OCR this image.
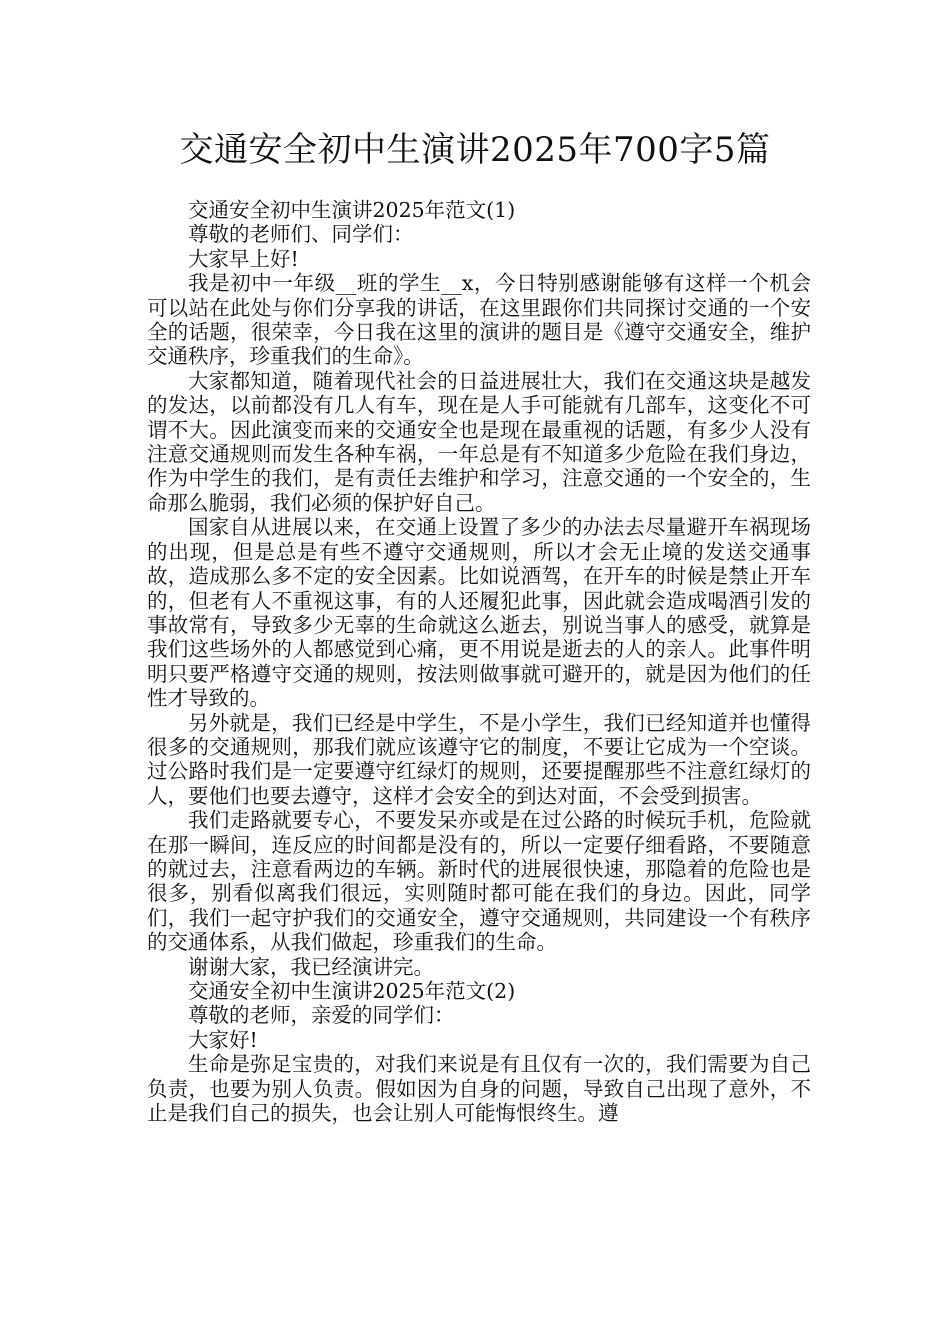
交通安全初中生演讲2025年700字5篇

交通安全初中生演讲2025年范文(1)

尊敬的老师们、同学们：

大家早上好!

我是初中一年级__班的学生__x，今日特别感谢能够有这样一个机会可以站在此处与你们分享我的讲话，在这里跟你们共同探讨交通的一个安全的话题，很荣幸，今日我在这里的演讲的题目是《遵守交通安全，维护交通秩序，珍重我们的生命》。

大家都知道，随着现代社会的日益进展壮大，我们在交通这块是越发的发达，以前都没有几人有车，现在是人手可能就有几部车，这变化不可谓不大。因此演变而来的交通安全也是现在最重视的话题，有多少人没有注意交通规则而发生各种车祸，一年总是有不知道多少危险在我们身边，作为中学生的我们，是有责任去维护和学习，注意交通的一个安全的，生命那么脆弱，我们必须的保护好自己。

国家自从进展以来，在交通上设置了多少的办法去尽量避开车祸现场的出现，但是总是有些不遵守交通规则，所以才会无止境的发送交通事故，造成那么多不定的安全因素。比如说酒驾，在开车的时候是禁止开车的，但老有人不重视这事，有的人还履犯此事，因此就会造成喝酒引发的事故常有，导致多少无辜的生命就这么逝去，别说当事人的感受，就算是我们这些场外的人都感觉到心痛，更不用说是逝去的人的亲人。此事件明明只要严格遵守交通的规则，按法则做事就可避开的，就是因为他们的任性才导致的。

另外就是，我们已经是中学生，不是小学生，我们已经知道并也懂得很多的交通规则，那我们就应该遵守它的制度，不要让它成为一个空谈。过公路时我们是一定要遵守红绿灯的规则，还要提醒那些不注意红绿灯的人，要他们也要去遵守，这样才会安全的到达对面，不会受到损害。

我们走路就要专心，不要发呆亦或是在过公路的时候玩手机，危险就在那一瞬间，连反应的时间都是没有的，所以一定要仔细看路，不要随意的就过去，注意看两边的车辆。新时代的进展很快速，那隐着的危险也是很多，别看似离我们很远，实则随时都可能在我们的身边。因此，同学们，我们一起守护我们的交通安全，遵守交通规则，共同建设一个有秩序的交通体系，从我们做起，珍重我们的生命。

谢谢大家，我已经演讲完。

交通安全初中生演讲2025年范文(2)

尊敬的老师，亲爱的同学们：

大家好!

生命是弥足宝贵的，对我们来说是有且仅有一次的，我们需要为自己负责，也要为别人负责。假如因为自身的问题，导致自己出现了意外，不止是我们自己的损失，也会让别人可能悔恨终生。遵
